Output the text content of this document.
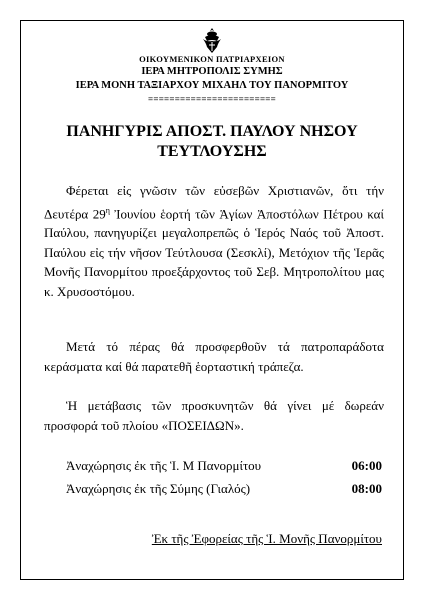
ΟΙΚΟΥΜΕΝΙΚΟΝ ΠΑΤΡΙΑΡΧΕΙΟΝ
ΙΕΡΑ ΜΗΤΡΟΠΟΛΙΣ ΣΥΜΗΣ
ΙΕΡΑ ΜΟΝΗ ΤΑΞΙΑΡΧΟΥ ΜΙΧΑΗΛ ΤΟΥ ΠΑΝΟΡΜΙΤΟΥ
========================
ΠΑΝΗΓΥΡΙΣ ΑΠΟΣΤ. ΠΑΥΛΟΥ ΝΗΣΟΥ
ΤΕΥΤΛΟΥΣΗΣ
Φέρεται εἰς γνῶσιν τῶν εὐσεβῶν Χριστιανῶν, ὅτι τήν Δευτέρα $29^\eta$ Ἰουνίου ἑορτή τῶν Ἁγίων Ἀποστόλων Πέτρου καί Παύλου, πανηγυρίζει μεγαλοπρεπῶς ὁ Ἱερός Ναός τοῦ Ἀποστ. Παύλου εἰς τήν νῆσον Τεύτλουσα (Σεσκλί), Μετόχιον τῆς Ἱερᾶς Μονῆς Πανορμίτου προεξάρχοντος τοῦ Σεβ. Μητροπολίτου μας κ. Χρυσοστόμου.
Μετά τό πέρας θά προσφερθοῦν τά πατροπαράδοτα κεράσματα καί θά παρατεθῆ ἑορταστική τράπεζα.
Ἡ μετάβασις τῶν προσκυνητῶν θά γίνει μέ δωρεάν προσφορά τοῦ πλοίου «ΠΟΣΕΙΔΩΝ».
Ἀναχώρησις ἐκ τῆς Ἱ. Μ Πανορμίτου	06:00
Ἀναχώρησις ἐκ τῆς Σύμης (Γιαλός)	08:00
Ἐκ τῆς Ἐφορείας τῆς Ἱ. Μονῆς Πανορμίτου
